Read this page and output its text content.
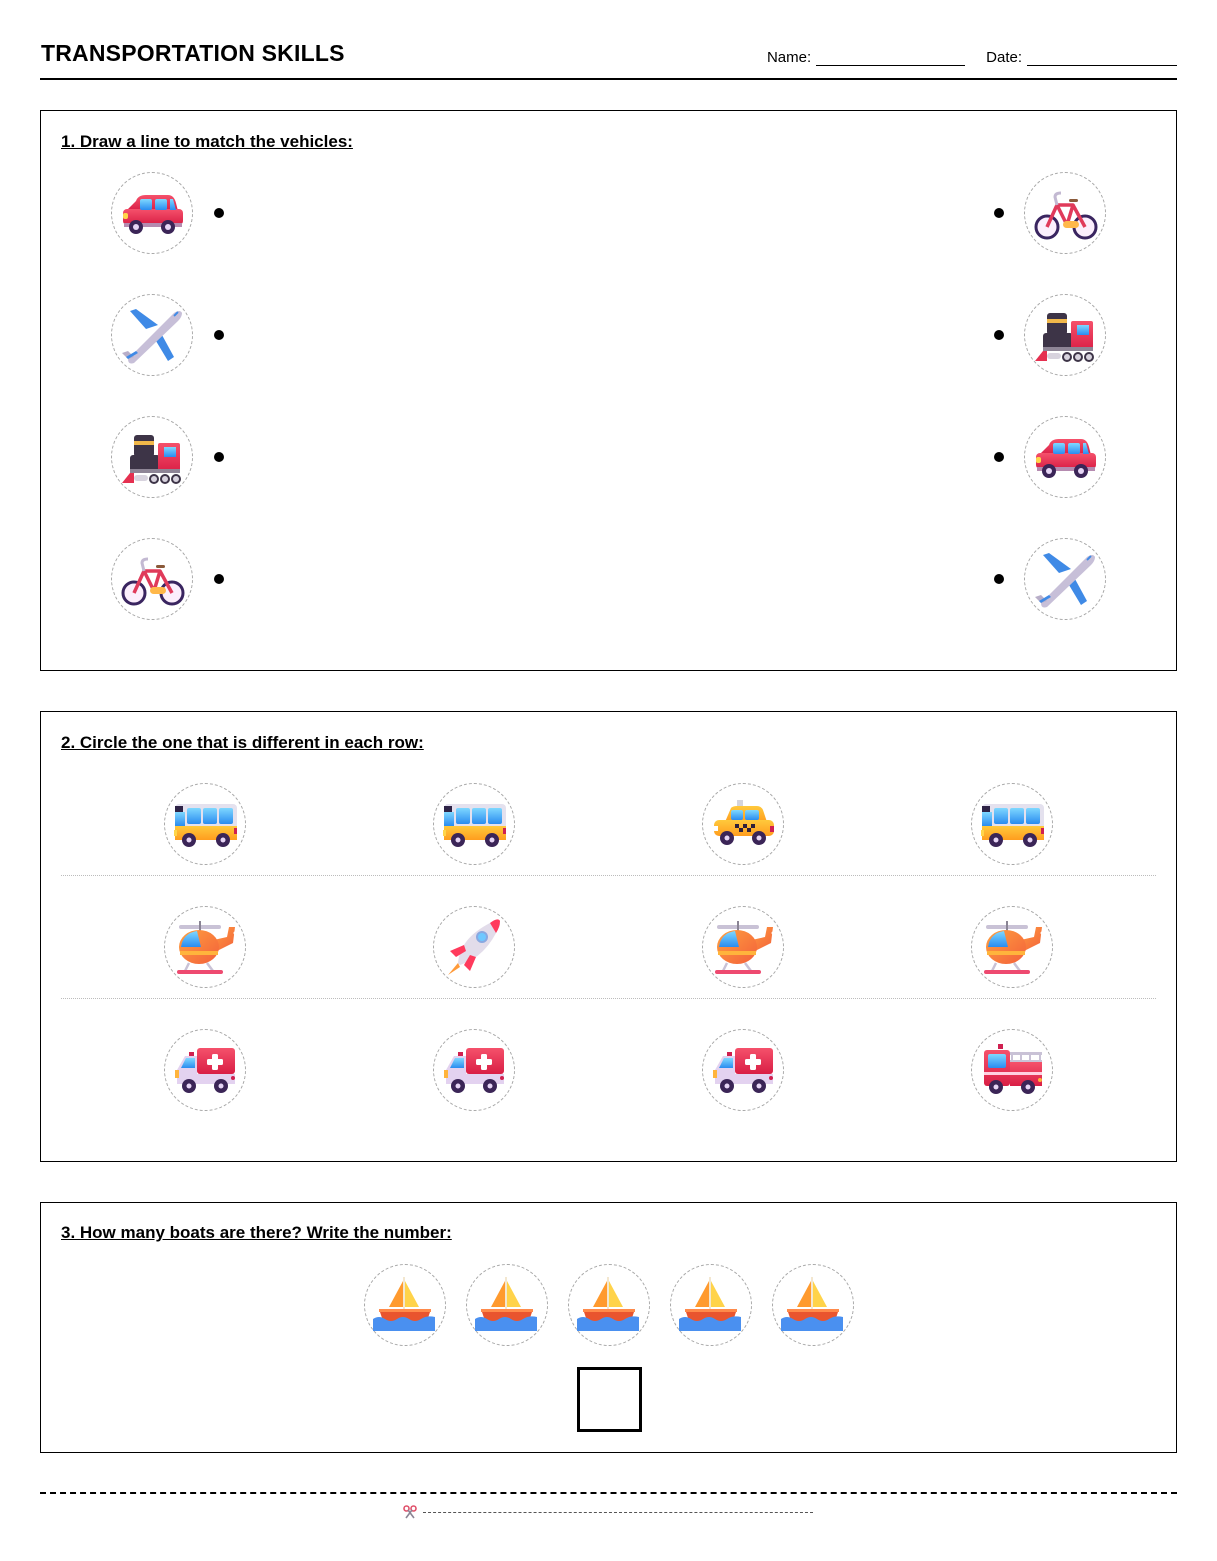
TRANSPORTATION SKILLS	Name:	Date:
1. Draw a line to match the vehicles:
2. Circle the one that is different in each row:
3. How many boats are there? Write the number:
